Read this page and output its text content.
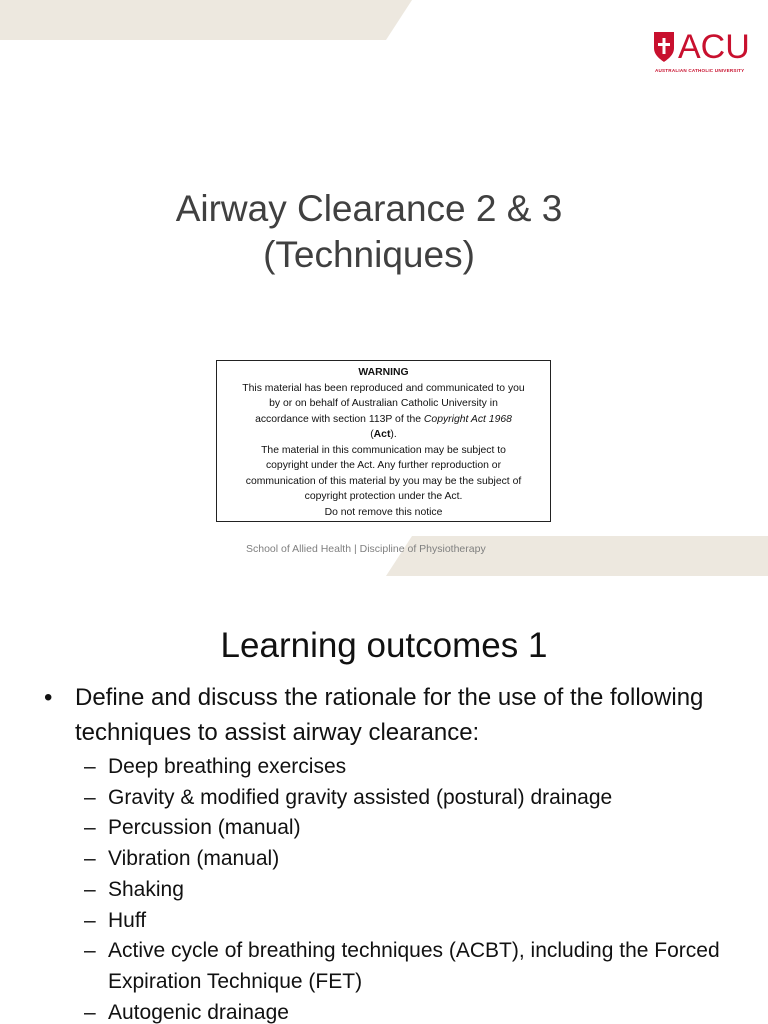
ACU
AUSTRALIAN CATHOLIC UNIVERSITY
Airway Clearance 2 & 3
(Techniques)
WARNING
This material has been reproduced and communicated to you
by or on behalf of Australian Catholic University in
accordance with section 113P of the Copyright Act 1968
(Act).
The material in this communication may be subject to
copyright under the Act. Any further reproduction or
communication of this material by you may be the subject of
copyright protection under the Act.
Do not remove this notice
School of Allied Health | Discipline of Physiotherapy
Learning outcomes 1
• Define and discuss the rationale for the use of the following techniques to assist airway clearance:
– Deep breathing exercises
– Gravity & modified gravity assisted (postural) drainage
– Percussion (manual)
– Vibration (manual)
– Shaking
– Huff
– Active cycle of breathing techniques (ACBT), including the Forced Expiration Technique (FET)
– Autogenic drainage
